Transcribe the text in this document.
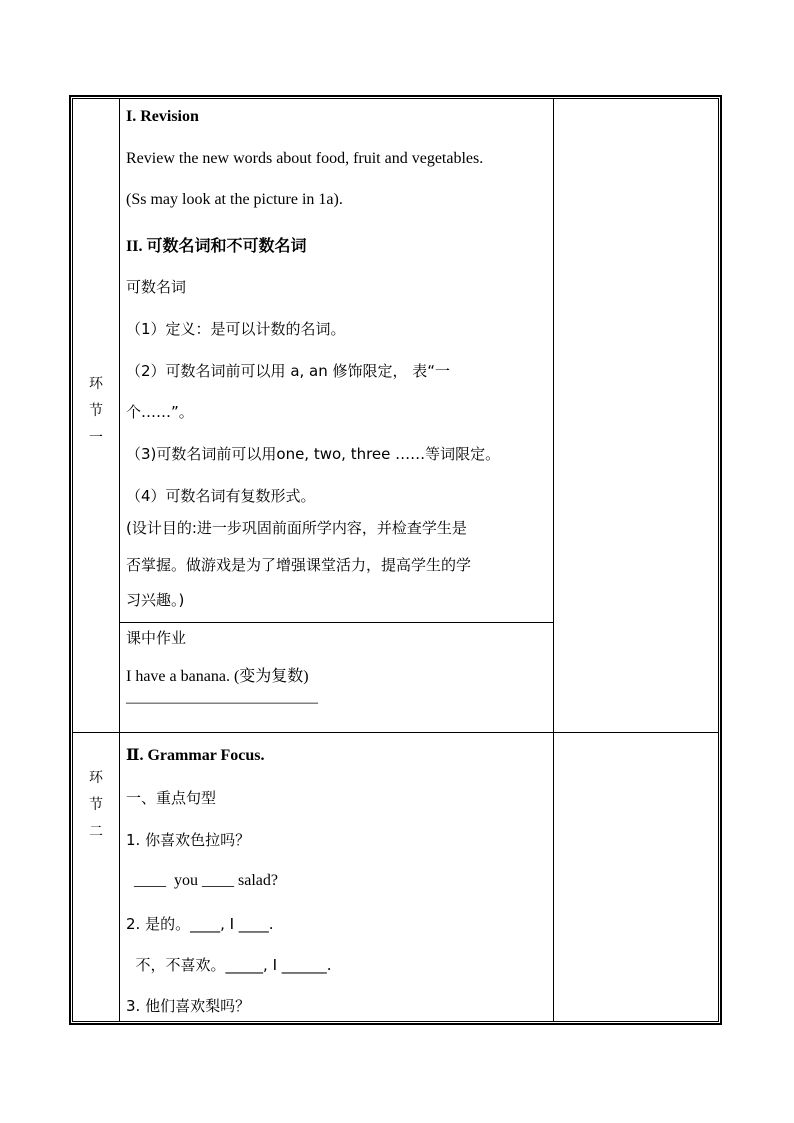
环
节
一
环
节
二
I. Revision
Review the new words about food, fruit and vegetables.
(Ss may look at the picture in 1a).
II. 可数名词和不可数名词
可数名词
（1）定义：是可以计数的名词。
（2）可数名词前可以用 a, an 修饰限定， 表“一
个……”。
（3)可数名词前可以用one, two, three ……等词限定。
（4）可数名词有复数形式。
(设计目的:进一步巩固前面所学内容，并检查学生是
否掌握。做游戏是为了增强课堂活力，提高学生的学
习兴趣。)
课中作业
I have a banana. (变为复数)
————————————
Ⅱ. Grammar Focus.
一、重点句型
1. 你喜欢色拉吗？
____  you ____ salad?
2. 是的。____, I ____.
不，不喜欢。_____, I ______.
3. 他们喜欢梨吗？
